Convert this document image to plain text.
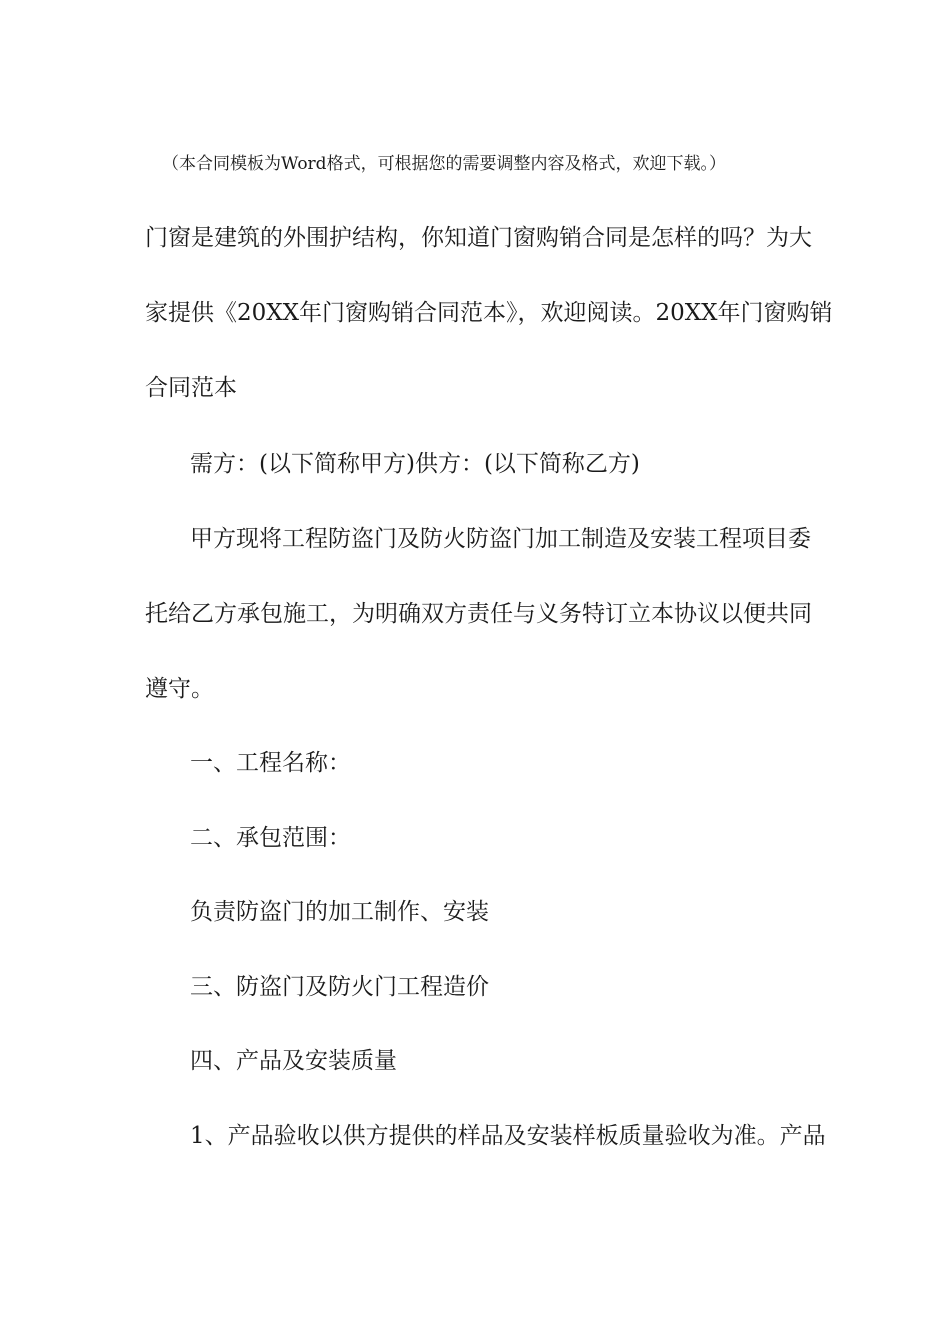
（本合同模板为Word格式，可根据您的需要调整内容及格式，欢迎下载。）
门窗是建筑的外围护结构，你知道门窗购销合同是怎样的吗？为大
家提供《20XX年门窗购销合同范本》，欢迎阅读。20XX年门窗购销
合同范本
需方：(以下简称甲方)供方：(以下简称乙方)
甲方现将工程防盗门及防火防盗门加工制造及安装工程项目委
托给乙方承包施工，为明确双方责任与义务特订立本协议以便共同
遵守。
一、工程名称：
二、承包范围：
负责防盗门的加工制作、安装
三、防盗门及防火门工程造价
四、产品及安装质量
1、产品验收以供方提供的样品及安装样板质量验收为准。产品
